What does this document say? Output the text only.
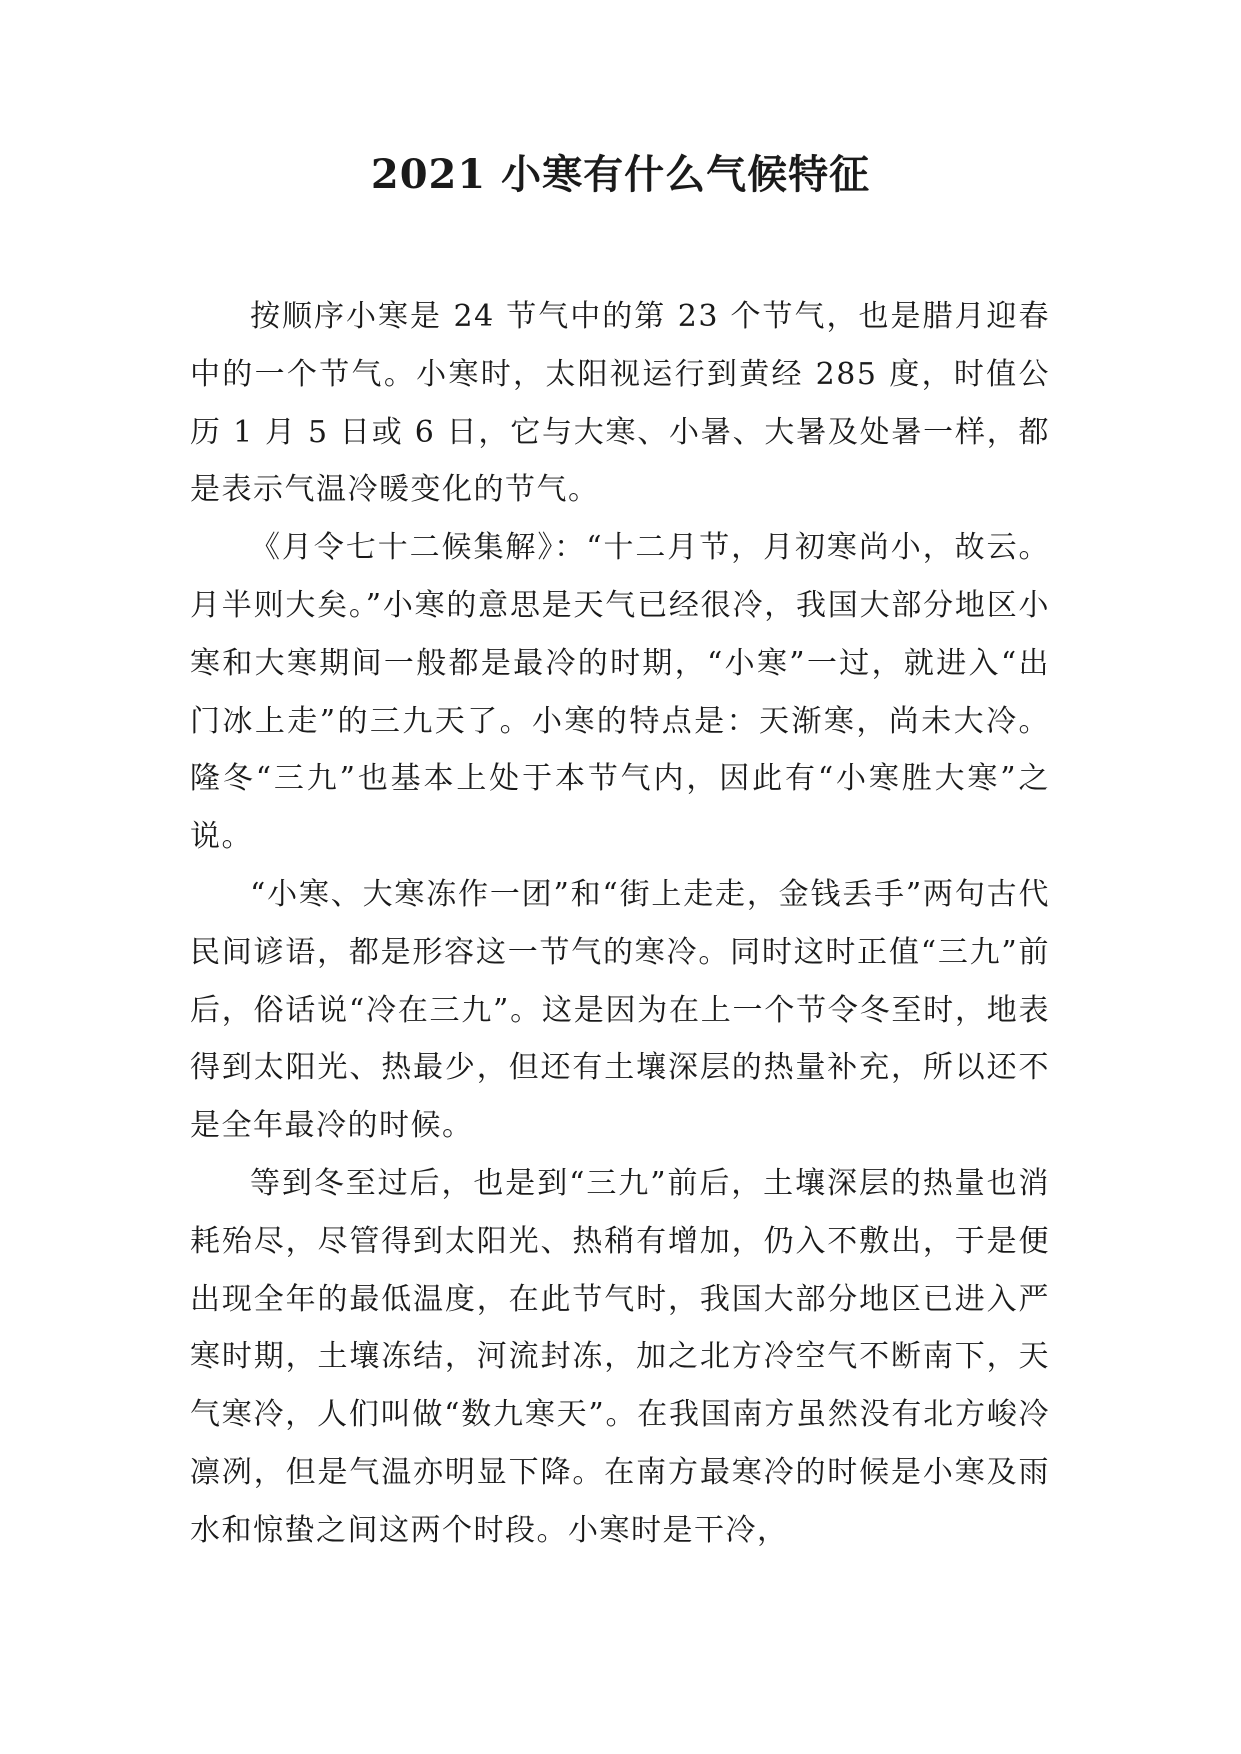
2021 小寒有什么气候特征

按顺序小寒是 24 节气中的第 23 个节气，也是腊月迎春中的一个节气。小寒时，太阳视运行到黄经 285 度，时值公历 1 月 5 日或 6 日，它与大寒、小暑、大暑及处暑一样，都是表示气温冷暖变化的节气。

《月令七十二候集解》：“十二月节，月初寒尚小，故云。月半则大矣。”小寒的意思是天气已经很冷，我国大部分地区小寒和大寒期间一般都是最冷的时期，“小寒”一过，就进入“出门冰上走”的三九天了。小寒的特点是：天渐寒，尚未大冷。隆冬“三九”也基本上处于本节气内，因此有“小寒胜大寒”之说。

“小寒、大寒冻作一团”和“街上走走，金钱丢手”两句古代民间谚语，都是形容这一节气的寒冷。同时这时正值“三九”前后，俗话说“冷在三九”。这是因为在上一个节令冬至时，地表得到太阳光、热最少，但还有土壤深层的热量补充，所以还不是全年最冷的时候。

等到冬至过后，也是到“三九”前后，土壤深层的热量也消耗殆尽，尽管得到太阳光、热稍有增加，仍入不敷出，于是便出现全年的最低温度，在此节气时，我国大部分地区已进入严寒时期，土壤冻结，河流封冻，加之北方冷空气不断南下，天气寒冷，人们叫做“数九寒天”。在我国南方虽然没有北方峻冷凛冽，但是气温亦明显下降。在南方最寒冷的时候是小寒及雨水和惊蛰之间这两个时段。小寒时是干冷，
